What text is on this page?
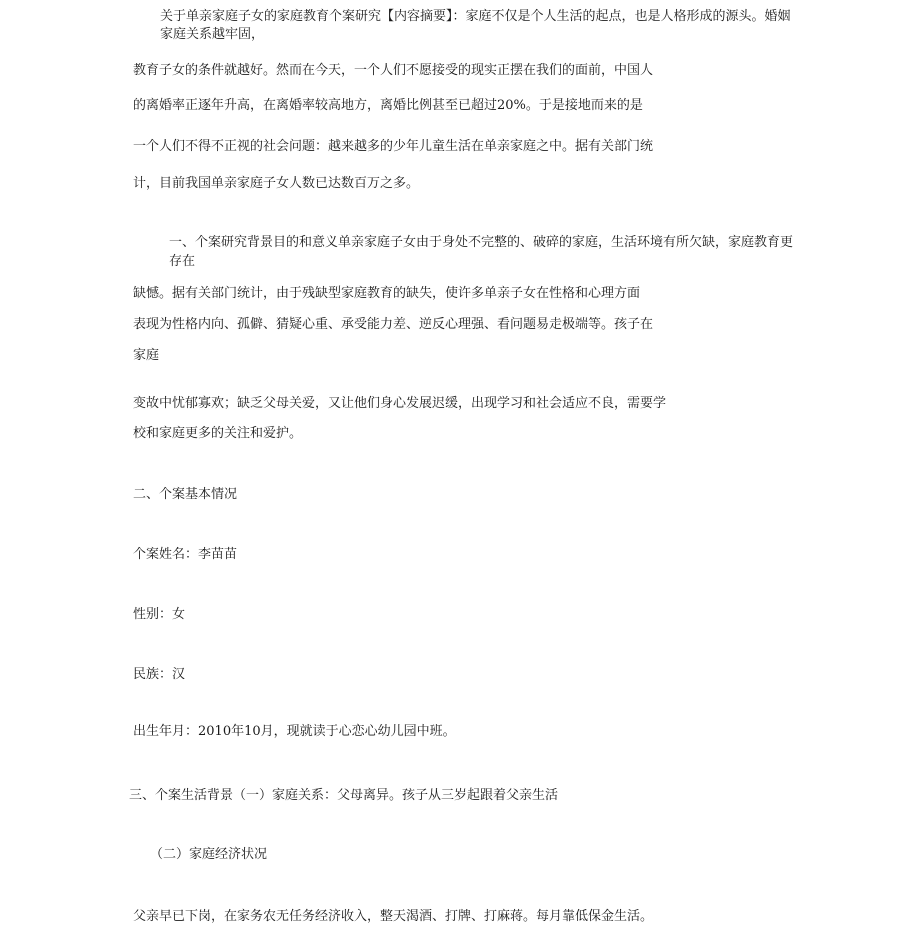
关于单亲家庭子女的家庭教育个案研究【内容摘要】：家庭不仅是个人生活的起点，也是人格形成的源头。婚姻
家庭关系越牢固，
教育子女的条件就越好。然而在今天，一个人们不愿接受的现实正摆在我们的面前，中国人
的离婚率正逐年升高，在离婚率较高地方，离婚比例甚至已超过20%。于是接地而来的是
一个人们不得不正视的社会问题：越来越多的少年儿童生活在单亲家庭之中。据有关部门统
计，目前我国单亲家庭子女人数已达数百万之多。
一、个案研究背景目的和意义单亲家庭子女由于身处不完整的、破碎的家庭，生活环境有所欠缺，家庭教育更
存在
缺憾。据有关部门统计，由于残缺型家庭教育的缺失，使许多单亲子女在性格和心理方面
表现为性格内向、孤僻、猜疑心重、承受能力差、逆反心理强、看问题易走极端等。孩子在
家庭
变故中忧郁寡欢；缺乏父母关爱，又让他们身心发展迟缓，出现学习和社会适应不良，需要学
校和家庭更多的关注和爱护。
二、个案基本情况
个案姓名：李苗苗
性别：女
民族：汉
出生年月：2010年10月，现就读于心恋心幼儿园中班。
三、个案生活背景（一）家庭关系：父母离异。孩子从三岁起跟着父亲生活
（二）家庭经济状况
父亲早已下岗，在家务农无任务经济收入，整天渴酒、打牌、打麻蒋。每月靠低保金生活。
